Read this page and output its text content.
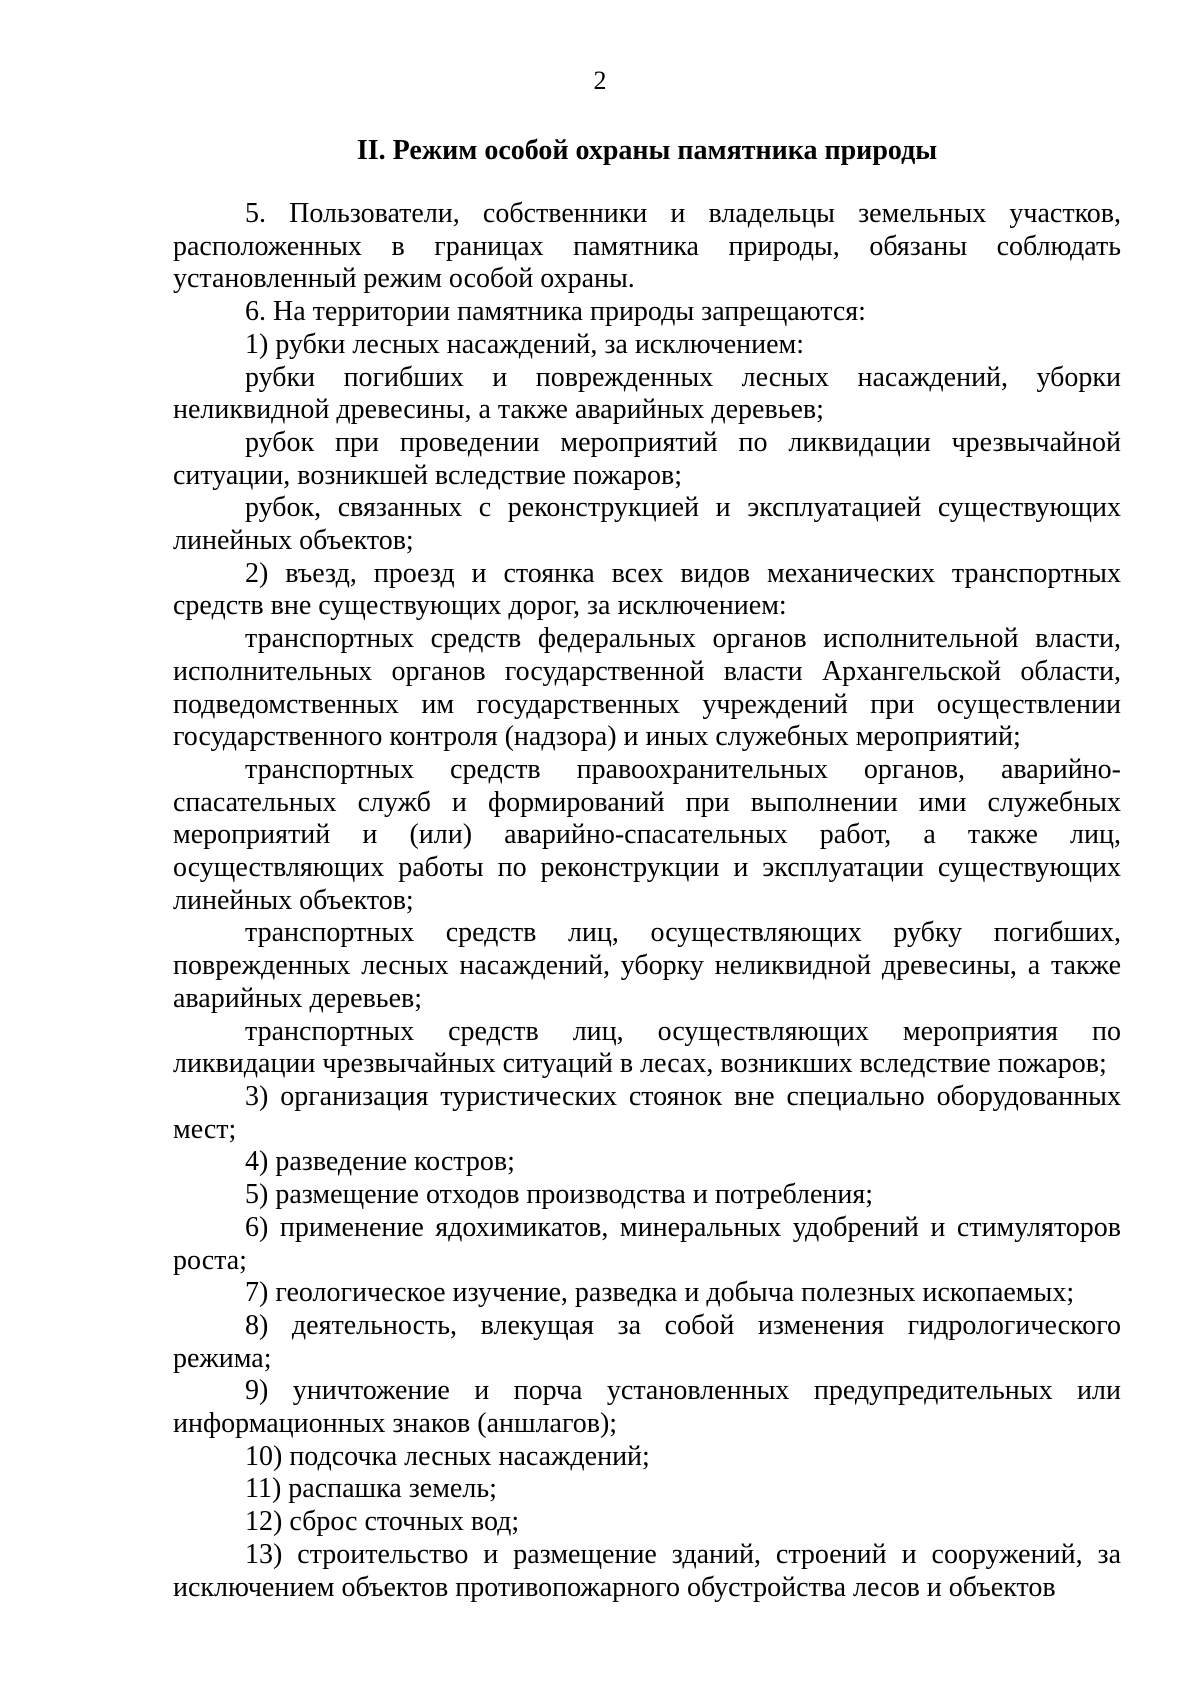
2
II. Режим особой охраны памятника природы

5. Пользователи, собственники и владельцы земельных участков, расположенных в границах памятника природы, обязаны соблюдать установленный режим особой охраны.

6. На территории памятника природы запрещаются:

1) рубки лесных насаждений, за исключением:

рубки погибших и поврежденных лесных насаждений, уборки неликвидной древесины, а также аварийных деревьев;

рубок при проведении мероприятий по ликвидации чрезвычайной ситуации, возникшей вследствие пожаров;

рубок, связанных с реконструкцией и эксплуатацией существующих линейных объектов;

2) въезд, проезд и стоянка всех видов механических транспортных средств вне существующих дорог, за исключением:

транспортных средств федеральных органов исполнительной власти, исполнительных органов государственной власти Архангельской области, подведомственных им государственных учреждений при осуществлении государственного контроля (надзора) и иных служебных мероприятий;

транспортных средств правоохранительных органов, аварийно-спасательных служб и формирований при выполнении ими служебных мероприятий и (или) аварийно-спасательных работ, а также лиц, осуществляющих работы по реконструкции и эксплуатации существующих линейных объектов;

транспортных средств лиц, осуществляющих рубку погибших, поврежденных лесных насаждений, уборку неликвидной древесины, а также аварийных деревьев;

транспортных средств лиц, осуществляющих мероприятия по ликвидации чрезвычайных ситуаций в лесах, возникших вследствие пожаров;

3) организация туристических стоянок вне специально оборудованных мест;

4) разведение костров;

5) размещение отходов производства и потребления;

6) применение ядохимикатов, минеральных удобрений и стимуляторов роста;

7) геологическое изучение, разведка и добыча полезных ископаемых;

8) деятельность, влекущая за собой изменения гидрологического режима;

9) уничтожение и порча установленных предупредительных или информационных знаков (аншлагов);

10) подсочка лесных насаждений;

11) распашка земель;

12) сброс сточных вод;

13) строительство и размещение зданий, строений и сооружений, за исключением объектов противопожарного обустройства лесов и объектов
